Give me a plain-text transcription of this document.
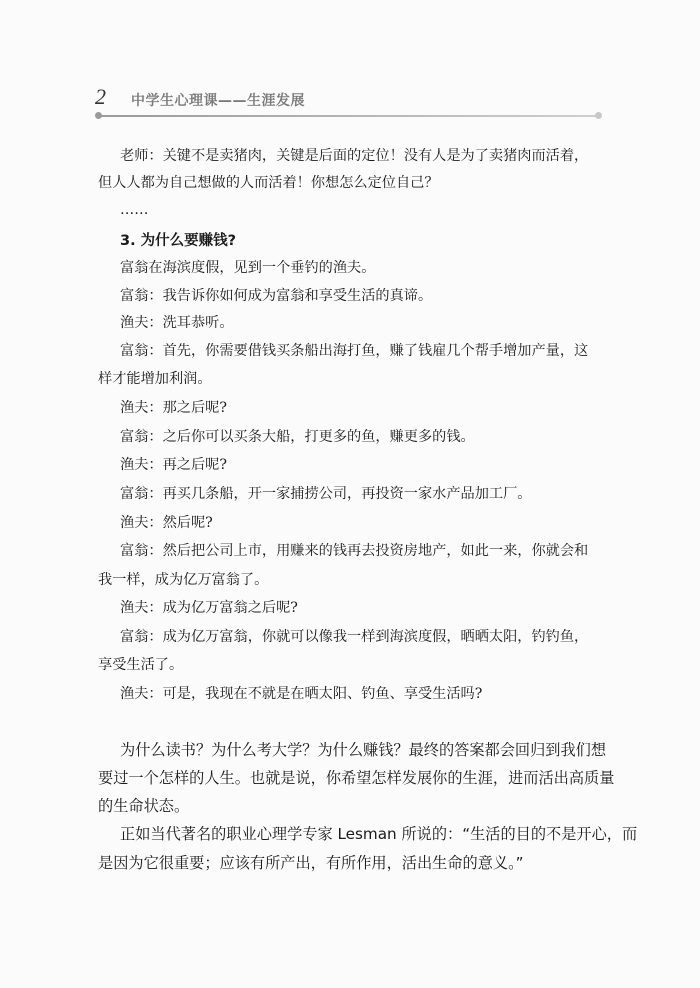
2 中学生心理课——生涯发展
老师：关键不是卖猪肉，关键是后面的定位！没有人是为了卖猪肉而活着，
但人人都为自己想做的人而活着！你想怎么定位自己？
……
3. 为什么要赚钱?
富翁在海滨度假，见到一个垂钓的渔夫。
富翁：我告诉你如何成为富翁和享受生活的真谛。
渔夫：洗耳恭听。
富翁：首先，你需要借钱买条船出海打鱼，赚了钱雇几个帮手增加产量，这
样才能增加利润。
渔夫：那之后呢?
富翁：之后你可以买条大船，打更多的鱼，赚更多的钱。
渔夫：再之后呢?
富翁：再买几条船，开一家捕捞公司，再投资一家水产品加工厂。
渔夫：然后呢?
富翁：然后把公司上市，用赚来的钱再去投资房地产，如此一来，你就会和
我一样，成为亿万富翁了。
渔夫：成为亿万富翁之后呢?
富翁：成为亿万富翁，你就可以像我一样到海滨度假，晒晒太阳，钓钓鱼，
享受生活了。
渔夫：可是，我现在不就是在晒太阳、钓鱼、享受生活吗?
为什么读书？为什么考大学？为什么赚钱？最终的答案都会回归到我们想
要过一个怎样的人生。也就是说，你希望怎样发展你的生涯，进而活出高质量
的生命状态。
正如当代著名的职业心理学专家 Lesman 所说的：“生活的目的不是开心，而
是因为它很重要；应该有所产出，有所作用，活出生命的意义。”
